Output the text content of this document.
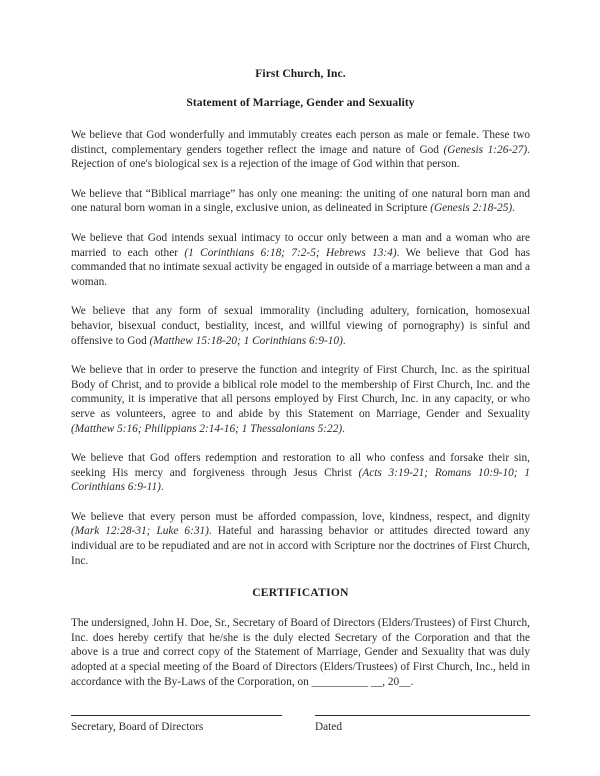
First Church, Inc.
Statement of Marriage, Gender and Sexuality

We believe that God wonderfully and immutably creates each person as male or female. These two distinct, complementary genders together reflect the image and nature of God (Genesis 1:26-27). Rejection of one's biological sex is a rejection of the image of God within that person.

We believe that “Biblical marriage” has only one meaning: the uniting of one natural born man and one natural born woman in a single, exclusive union, as delineated in Scripture (Genesis 2:18-25).

We believe that God intends sexual intimacy to occur only between a man and a woman who are married to each other (1 Corinthians 6:18; 7:2-5; Hebrews 13:4). We believe that God has commanded that no intimate sexual activity be engaged in outside of a marriage between a man and a woman.

We believe that any form of sexual immorality (including adultery, fornication, homosexual behavior, bisexual conduct, bestiality, incest, and willful viewing of pornography) is sinful and offensive to God (Matthew 15:18-20; 1 Corinthians 6:9-10).

We believe that in order to preserve the function and integrity of First Church, Inc. as the spiritual Body of Christ, and to provide a biblical role model to the membership of First Church, Inc. and the community, it is imperative that all persons employed by First Church, Inc. in any capacity, or who serve as volunteers, agree to and abide by this Statement on Marriage, Gender and Sexuality (Matthew 5:16; Philippians 2:14-16; 1 Thessalonians 5:22).

We believe that God offers redemption and restoration to all who confess and forsake their sin, seeking His mercy and forgiveness through Jesus Christ (Acts 3:19-21; Romans 10:9-10; 1 Corinthians 6:9-11).

We believe that every person must be afforded compassion, love, kindness, respect, and dignity (Mark 12:28-31; Luke 6:31). Hateful and harassing behavior or attitudes directed toward any individual are to be repudiated and are not in accord with Scripture nor the doctrines of First Church, Inc.

CERTIFICATION

The undersigned, John H. Doe, Sr., Secretary of Board of Directors (Elders/Trustees) of First Church, Inc. does hereby certify that he/she is the duly elected Secretary of the Corporation and that the above is a true and correct copy of the Statement of Marriage, Gender and Sexuality that was duly adopted at a special meeting of the Board of Directors (Elders/Trustees) of First Church, Inc., held in accordance with the By-Laws of the Corporation, on __________ __, 20__.

Secretary, Board of Directors	Dated
